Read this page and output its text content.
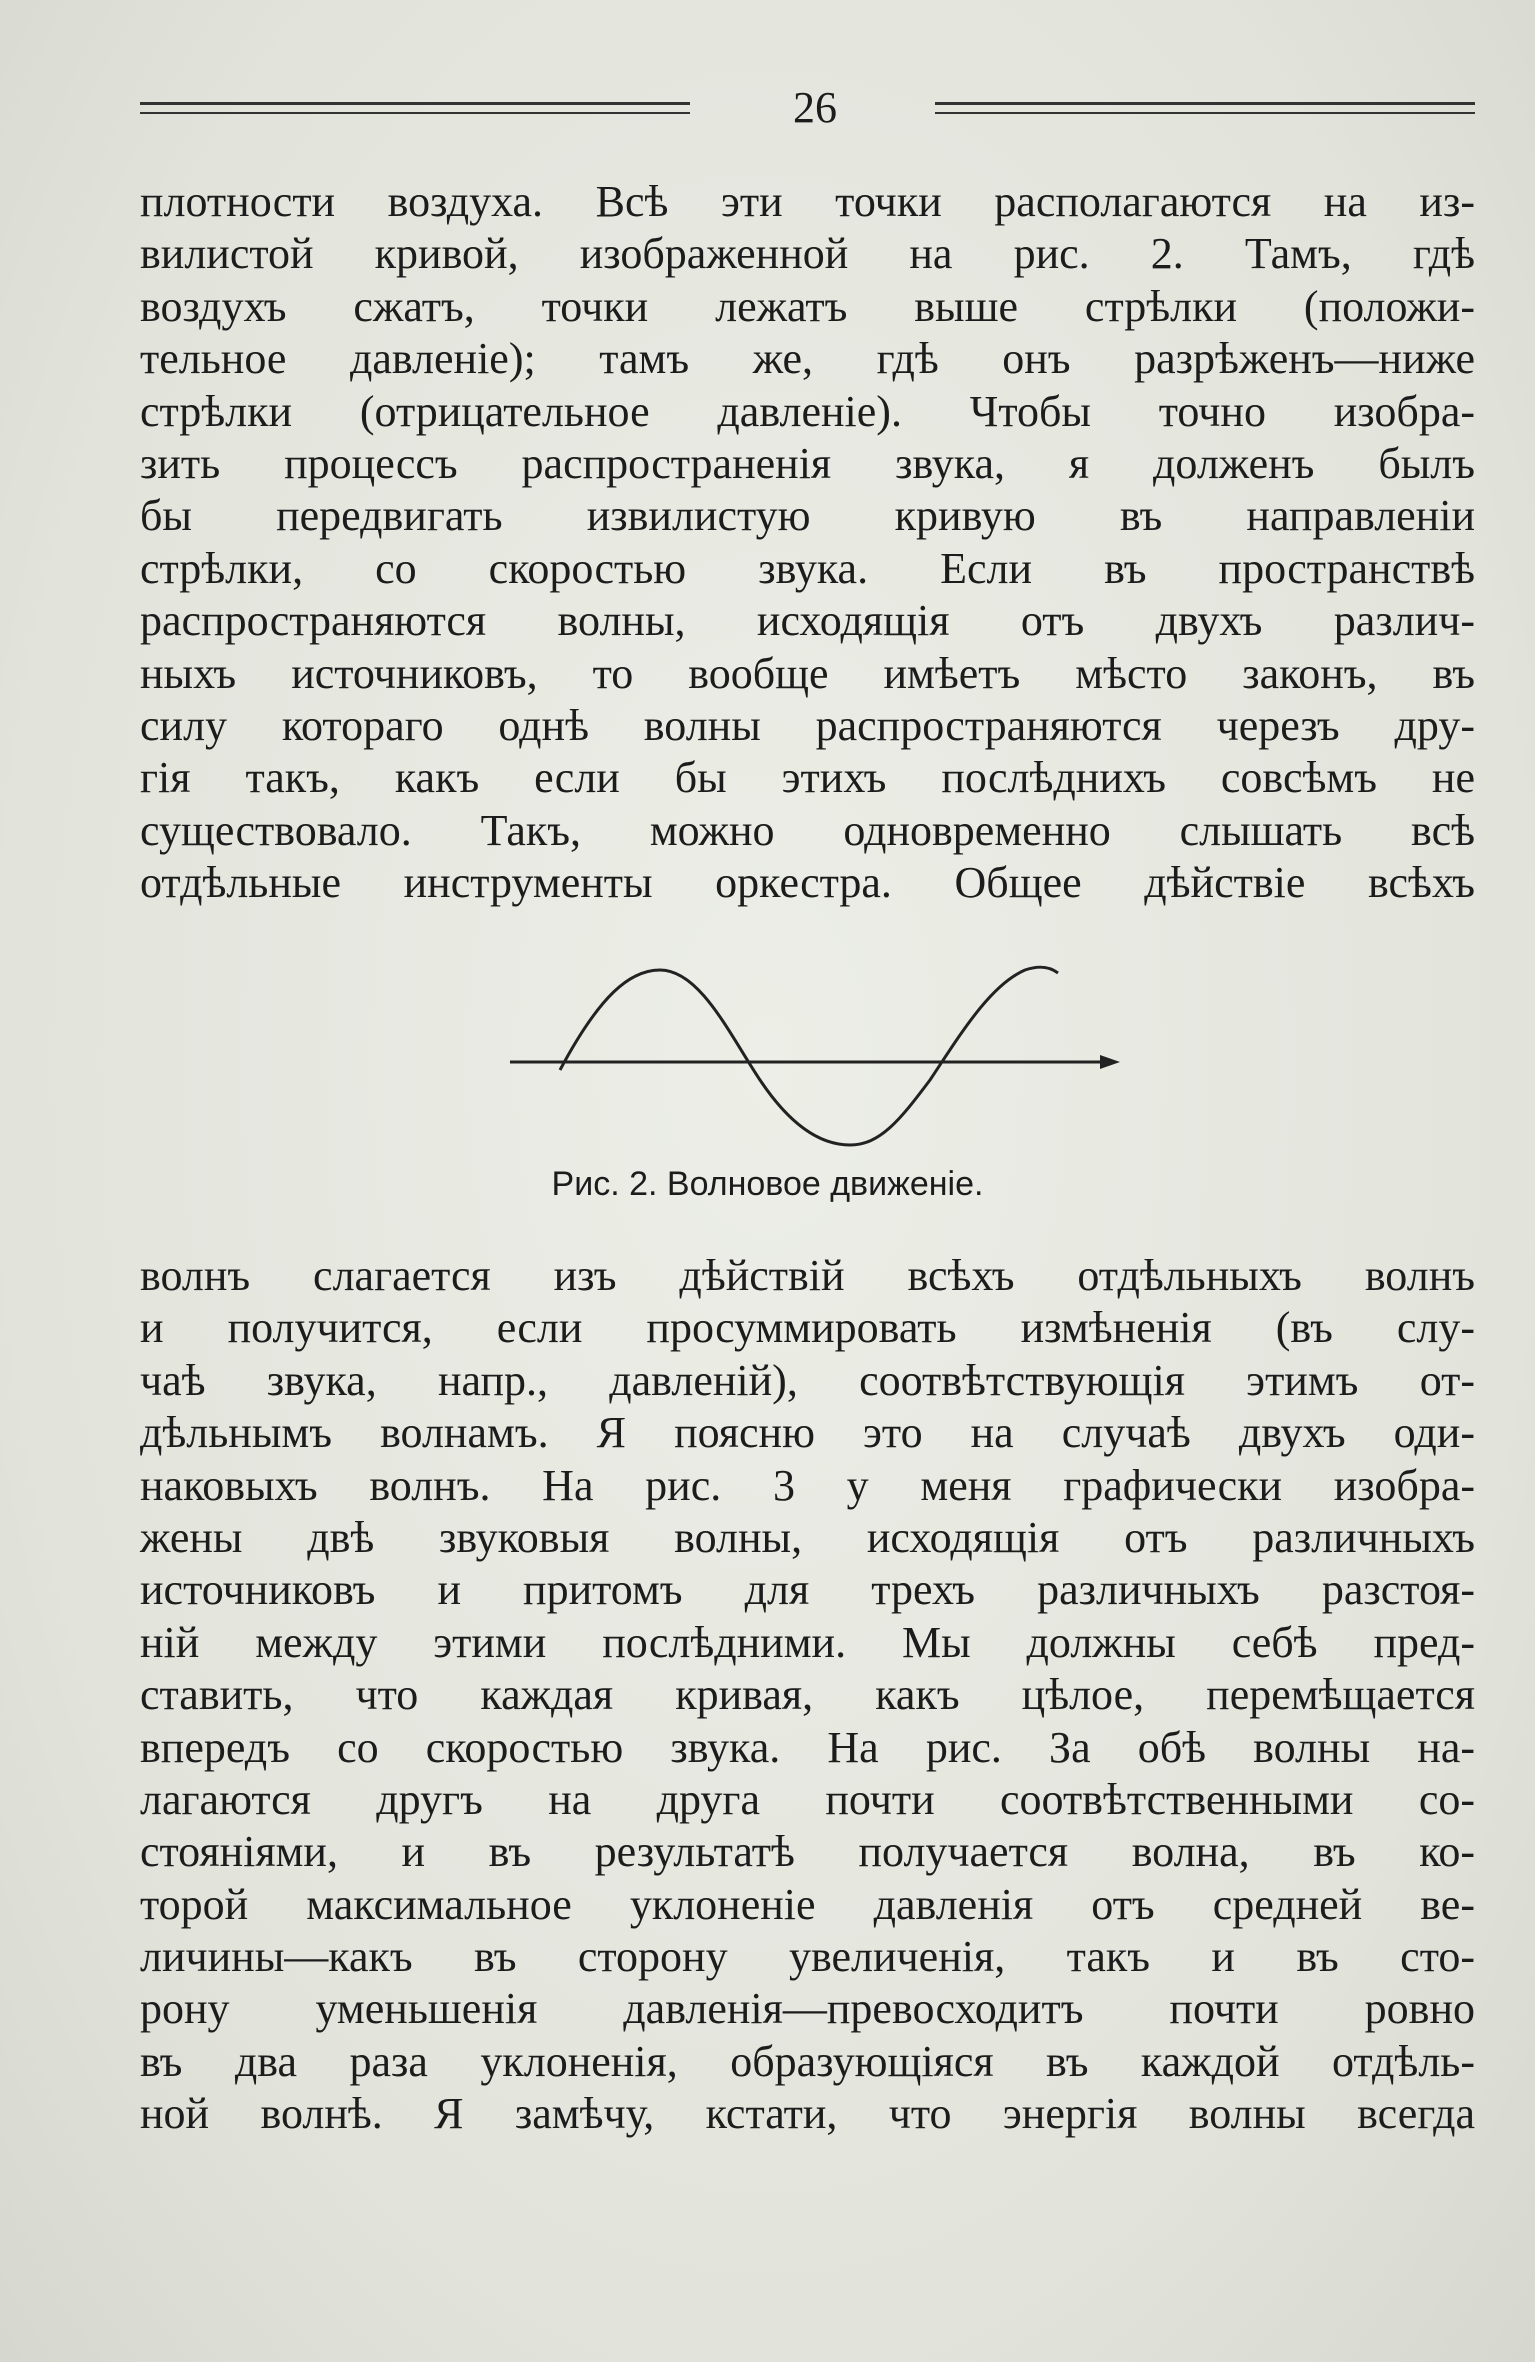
26
плотности воздуха. Всѣ эти точки располагаются на из-
вилистой кривой, изображенной на рис. 2. Тамъ, гдѣ
воздухъ сжатъ, точки лежатъ выше стрѣлки (положи-
тельное давленіе); тамъ же, гдѣ онъ разрѣженъ—ниже
стрѣлки (отрицательное давленіе). Чтобы точно изобра-
зить процессъ распространенія звука, я долженъ былъ
бы передвигать извилистую кривую въ направленіи
стрѣлки, со скоростью звука. Если въ пространствѣ
распространяются волны, исходящія отъ двухъ различ-
ныхъ источниковъ, то вообще имѣетъ мѣсто законъ, въ
силу котораго однѣ волны распространяются черезъ дру-
гія такъ, какъ если бы этихъ послѣднихъ совсѣмъ не
существовало. Такъ, можно одновременно слышать всѣ
отдѣльные инструменты оркестра. Общее дѣйствіе всѣхъ
Рис. 2. Волновое движеніе.
волнъ слагается изъ дѣйствій всѣхъ отдѣльныхъ волнъ
и получится, если просуммировать измѣненія (въ слу-
чаѣ звука, напр., давленій), соотвѣтствующія этимъ от-
дѣльнымъ волнамъ. Я поясню это на случаѣ двухъ оди-
наковыхъ волнъ. На рис. 3 у меня графически изобра-
жены двѣ звуковыя волны, исходящія отъ различныхъ
источниковъ и притомъ для трехъ различныхъ разстоя-
ній между этими послѣдними. Мы должны себѣ пред-
ставить, что каждая кривая, какъ цѣлое, перемѣщается
впередъ со скоростью звука. На рис. За обѣ волны на-
лагаются другъ на друга почти соотвѣтственными со-
стояніями, и въ результатѣ получается волна, въ ко-
торой максимальное уклоненіе давленія отъ средней ве-
личины—какъ въ сторону увеличенія, такъ и въ сто-
рону уменьшенія давленія—превосходитъ почти ровно
въ два раза уклоненія, образующіяся въ каждой отдѣль-
ной волнѣ. Я замѣчу, кстати, что энергія волны всегда
